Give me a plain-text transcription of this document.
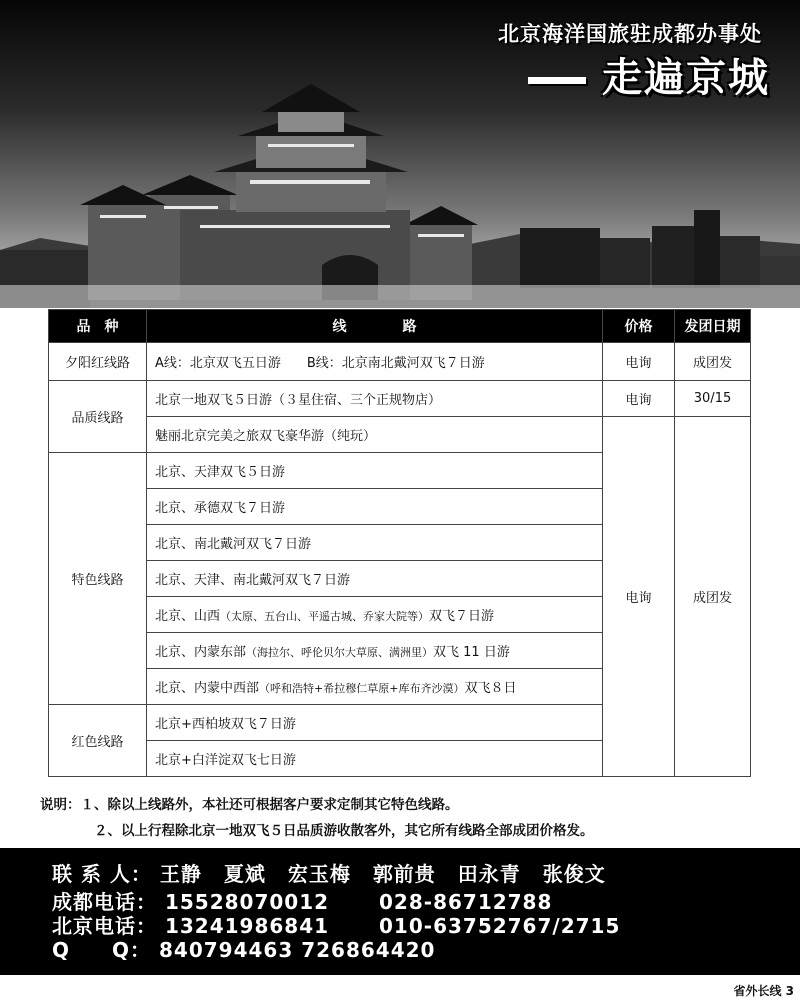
北京海洋国旅驻成都办事处
走遍京城
品　种	线　　　　路	价格	发团日期
夕阳红线路	A线：北京双飞五日游　　B线：北京南北戴河双飞７日游	电询	成团发
品质线路	北京一地双飞５日游（３星住宿、三个正规物店）	电询	30/15
	魅丽北京完美之旅双飞豪华游（纯玩）	电询	成团发
特色线路	北京、天津双飞５日游		
	北京、承德双飞７日游		
	北京、南北戴河双飞７日游		
	北京、天津、南北戴河双飞７日游		
	北京、山西（太原、五台山、平遥古城、乔家大院等）双飞７日游		
	北京、内蒙东部（海拉尔、呼伦贝尔大草原、满洲里）双飞 11 日游		
	北京、内蒙中西部（呼和浩特+希拉穆仁草原+库布齐沙漠）双飞８日		
红色线路	北京+西柏坡双飞７日游		
	北京+白洋淀双飞七日游		
说明：１、除以上线路外，本社还可根据客户要求定制其它特色线路。
２、以上行程除北京一地双飞５日品质游收散客外，其它所有线路全部成团价格发。
联 系 人： 王静 夏斌 宏玉梅 郭前贵 田永青 张俊文
成都电话： 15528070012 028-86712788
北京电话： 13241986841 010-63752767/2715
Q　　Q： 840794463 726864420
省外长线 3
